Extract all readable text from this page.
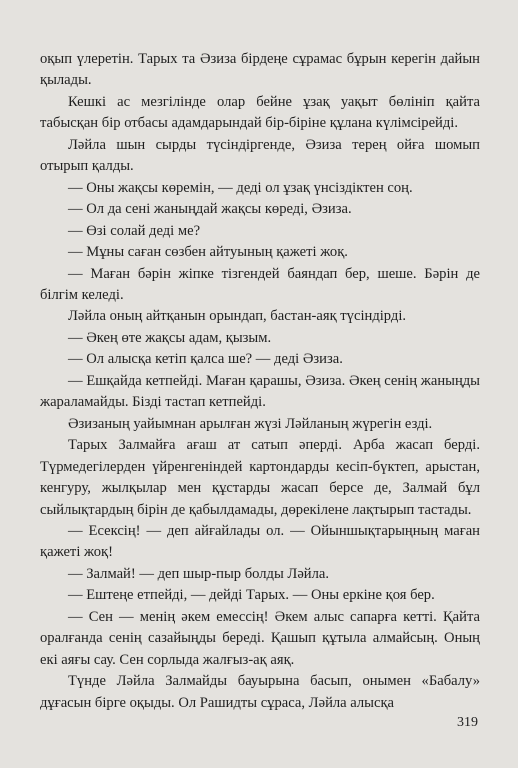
оқып үлеретін. Тарых та Әзиза бірдеңе сұрамас бұрын керегін дайын қылады.

Кешкі ас мезгілінде олар бейне ұзақ уақыт бөлініп қайта табысқан бір отбасы адамдарындай бір-біріне құлана күлімсірейді.

Ләйла шын сырды түсіндіргенде, Әзиза терең ойға шомып отырып қалды.

— Оны жақсы көремін, — деді ол ұзақ үнсіздіктен соң.

— Ол да сені жаныңдай жақсы көреді, Әзиза.

— Өзі солай деді ме?

— Мұны саған сөзбен айтуының қажеті жоқ.

— Маған бәрін жіпке тізгендей баяндап бер, шеше. Бәрін де білгім келеді.

Ләйла оның айтқанын орындап, бастан-аяқ түсіндірді.

— Әкең өте жақсы адам, қызым.

— Ол алысқа кетіп қалса ше? — деді Әзиза.

— Ешқайда кетпейді. Маған қарашы, Әзиза. Әкең сенің жаныңды жараламайды. Бізді тастап кетпейді.

Әзизаның уайымнан арылған жүзі Ләйланың жүрегін езді.

Тарых Залмайға ағаш ат сатып әперді. Арба жасап берді. Түрмедегілерден үйренгеніндей картондарды кесіп-бүктеп, арыстан, кенгуру, жылқылар мен құстарды жасап берсе де, Залмай бұл сыйлықтардың бірін де қабылдамады, дөрекілене лақтырып тастады.

— Есексің! — деп айғайлады ол. — Ойыншықтарыңның маған қажеті жоқ!

— Залмай! — деп шыр-пыр болды Ләйла.

— Ештеңе етпейді, — дейді Тарых. — Оны еркіне қоя бер.

— Сен — менің әкем емессің! Әкем алыс сапарға кетті. Қайта оралғанда сенің сазайыңды береді. Қашып құтыла алмайсың. Оның екі аяғы сау. Сен сорлыда жалғыз-ақ аяқ.

Түнде Ләйла Залмайды бауырына басып, онымен «Бабалу» дұғасын бірге оқыды. Ол Рашидты сұраса, Ләйла алысқа

319
